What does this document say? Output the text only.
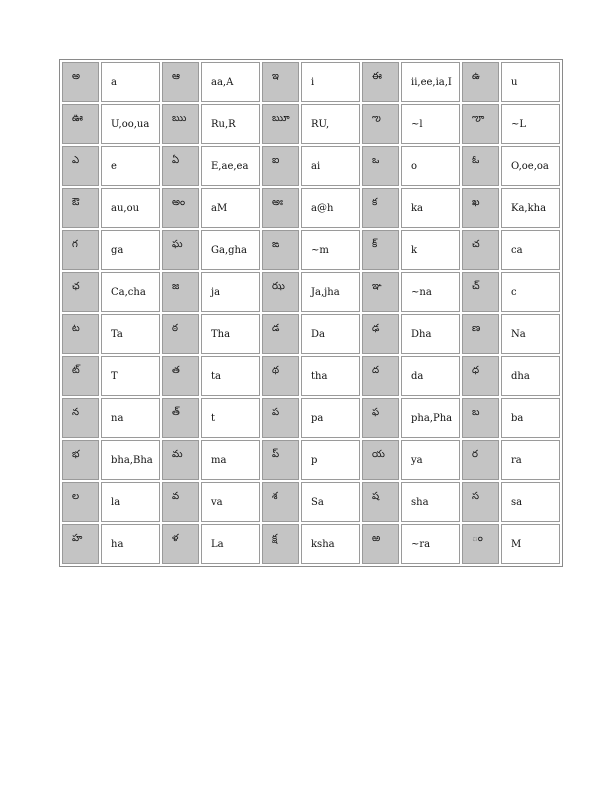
అ	a	ఆ	aa,A	ఇ	i	ఈ	ii,ee,ia,I	ఉ	u
ఊ	U,oo,ua	ఋ	Ru,R	ౠ	RU,	ఌ	~l	ౡ	~L
ఎ	e	ఏ	E,ae,ea	ఐ	ai	ఒ	o	ఓ	O,oe,oa
ఔ	au,ou	అం	aM	అః	a@h	క	ka	ఖ	Ka,kha
గ	ga	ఘ	Ga,gha	ఙ	~m	క్	k	చ	ca
ఛ	Ca,cha	జ	ja	ఝ	Ja,jha	ఞ	~na	చ్	c
ట	Ta	ఠ	Tha	డ	Da	ఢ	Dha	ణ	Na
ట్	T	త	ta	థ	tha	ద	da	ధ	dha
న	na	త్	t	ప	pa	ఫ	pha,Pha	బ	ba
భ	bha,Bha	మ	ma	ప్	p	య	ya	ర	ra
ల	la	వ	va	శ	Sa	ష	sha	స	sa
హ	ha	ళ	La	క్ష	ksha	ఱ	~ra	ం	M
